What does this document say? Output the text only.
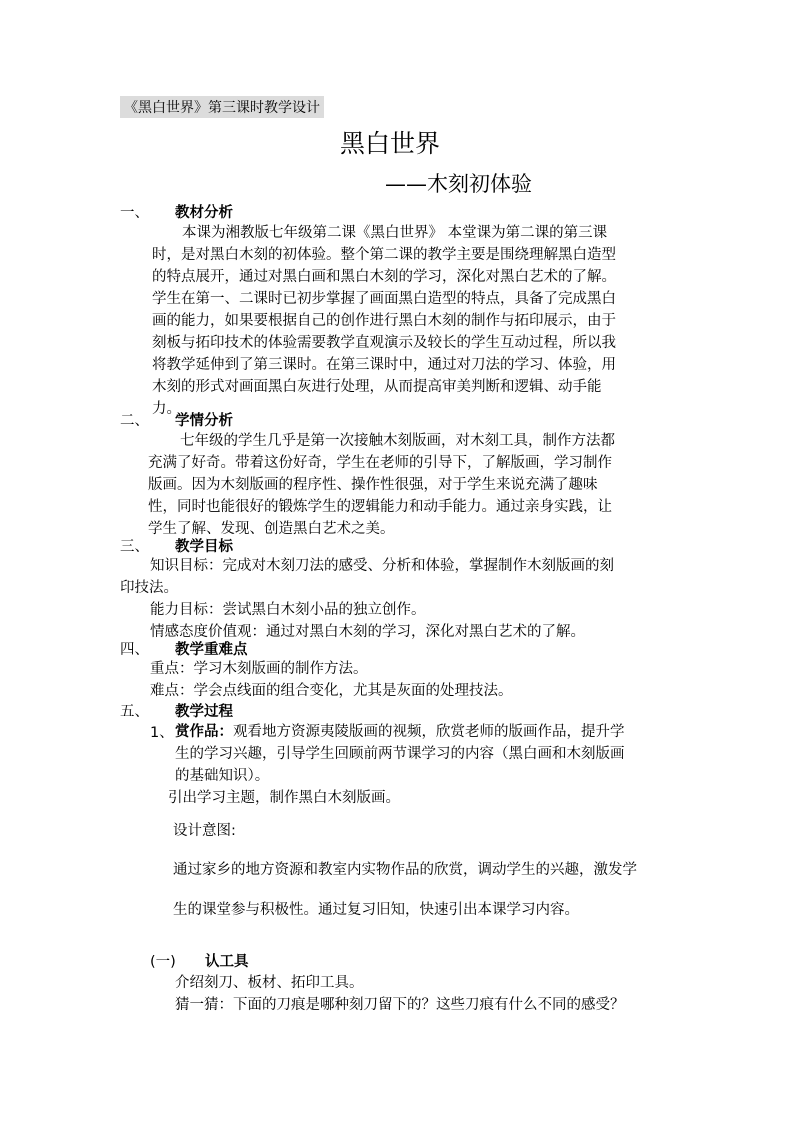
《黑白世界》第三课时教学设计
黑白世界
——木刻初体验
一、 教材分析

本课为湘教版七年级第二课《黑白世界》 本堂课为第二课的第三课

时，是对黑白木刻的初体验。整个第二课的教学主要是围绕理解黑白造型

的特点展开，通过对黑白画和黑白木刻的学习，深化对黑白艺术的了解。

学生在第一、二课时已初步掌握了画面黑白造型的特点，具备了完成黑白

画的能力，如果要根据自己的创作进行黑白木刻的制作与拓印展示，由于

刻板与拓印技术的体验需要教学直观演示及较长的学生互动过程，所以我

将教学延伸到了第三课时。在第三课时中，通过对刀法的学习、体验，用

木刻的形式对画面黑白灰进行处理，从而提高审美判断和逻辑、动手能

力。

二、 学情分析

七年级的学生几乎是第一次接触木刻版画，对木刻工具，制作方法都

充满了好奇。带着这份好奇，学生在老师的引导下，了解版画，学习制作

版画。因为木刻版画的程序性、操作性很强，对于学生来说充满了趣味

性，同时也能很好的锻炼学生的逻辑能力和动手能力。通过亲身实践，让

学生了解、发现、创造黑白艺术之美。

三、 教学目标

知识目标：完成对木刻刀法的感受、分析和体验，掌握制作木刻版画的刻

印技法。

能力目标：尝试黑白木刻小品的独立创作。

情感态度价值观：通过对黑白木刻的学习，深化对黑白艺术的了解。

四、 教学重难点

重点：学习木刻版画的制作方法。

难点：学会点线面的组合变化，尤其是灰面的处理技法。

五、 教学过程
1、 赏作品：观看地方资源夷陵版画的视频，欣赏老师的版画作品，提升学

生的学习兴趣，引导学生回顾前两节课学习的内容（黑白画和木刻版画

的基础知识）。

引出学习主题，制作黑白木刻版画。
设计意图:
通过家乡的地方资源和教室内实物作品的欣赏，调动学生的兴趣，激发学
生的课堂参与积极性。通过复习旧知，快速引出本课学习内容。
(一) 认工具
介绍刻刀、板材、拓印工具。
猜一猜：下面的刀痕是哪种刻刀留下的？这些刀痕有什么不同的感受？
